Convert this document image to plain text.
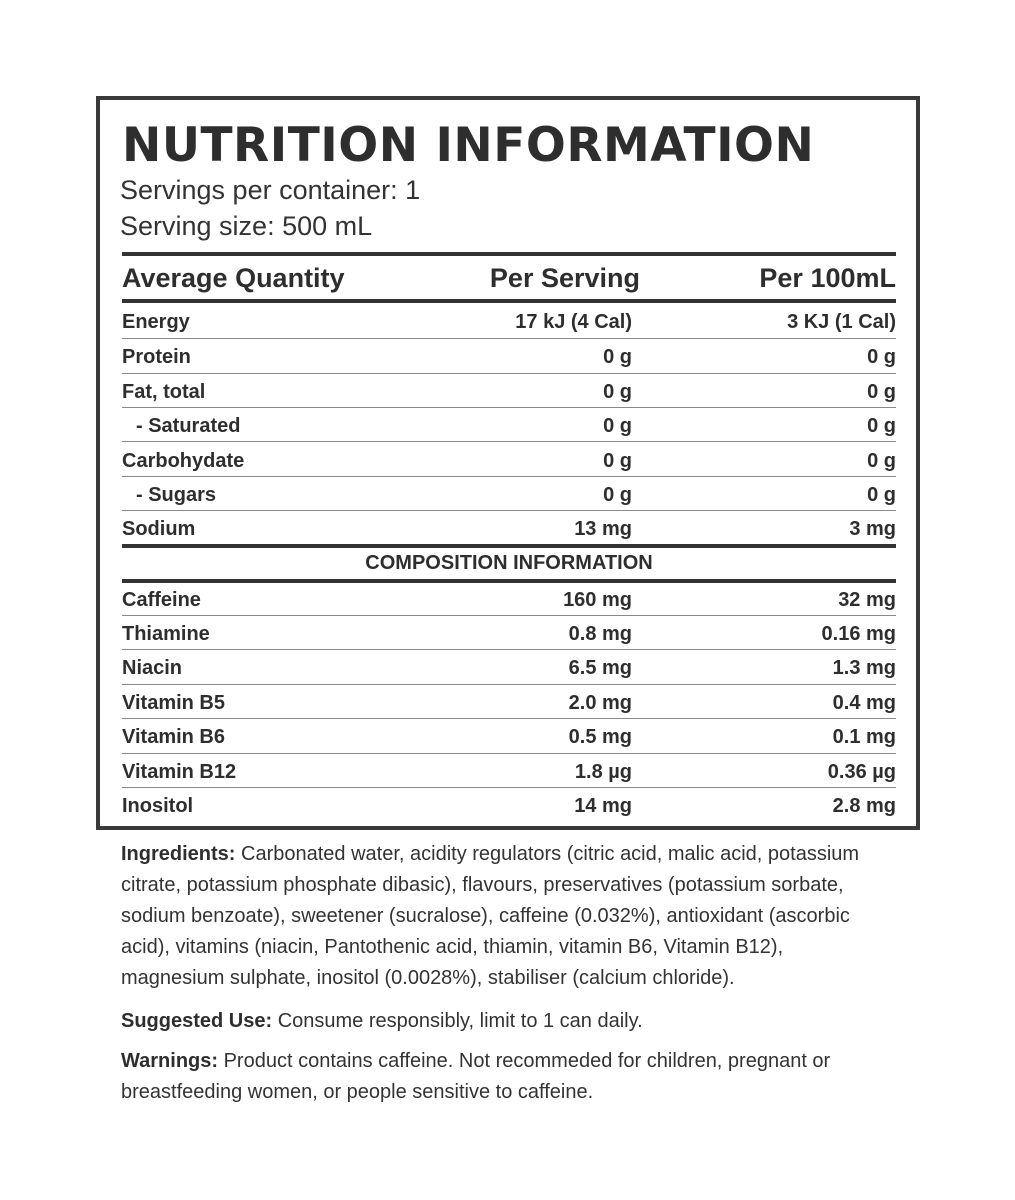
NUTRITION INFORMATION
Servings per container: 1
Serving size: 500 mL
Average Quantity	Per Serving	Per 100mL
Energy	17 kJ (4 Cal)	3 KJ (1 Cal)
Protein	0 g	0 g
Fat, total	0 g	0 g
- Saturated	0 g	0 g
Carbohydate	0 g	0 g
- Sugars	0 g	0 g
Sodium	13 mg	3 mg
COMPOSITION INFORMATION
Caffeine	160 mg	32 mg
Thiamine	0.8 mg	0.16 mg
Niacin	6.5 mg	1.3 mg
Vitamin B5	2.0 mg	0.4 mg
Vitamin B6	0.5 mg	0.1 mg
Vitamin B12	1.8 µg	0.36 µg
Inositol	14 mg	2.8 mg
Ingredients: Carbonated water, acidity regulators (citric acid, malic acid, potassium citrate, potassium phosphate dibasic), flavours, preservatives (potassium sorbate, sodium benzoate), sweetener (sucralose), caffeine (0.032%), antioxidant (ascorbic acid), vitamins (niacin, Pantothenic acid, thiamin, vitamin B6, Vitamin B12), magnesium sulphate, inositol (0.0028%), stabiliser (calcium chloride).
Suggested Use: Consume responsibly, limit to 1 can daily.
Warnings: Product contains caffeine. Not recommeded for children, pregnant or breastfeeding women, or people sensitive to caffeine.
